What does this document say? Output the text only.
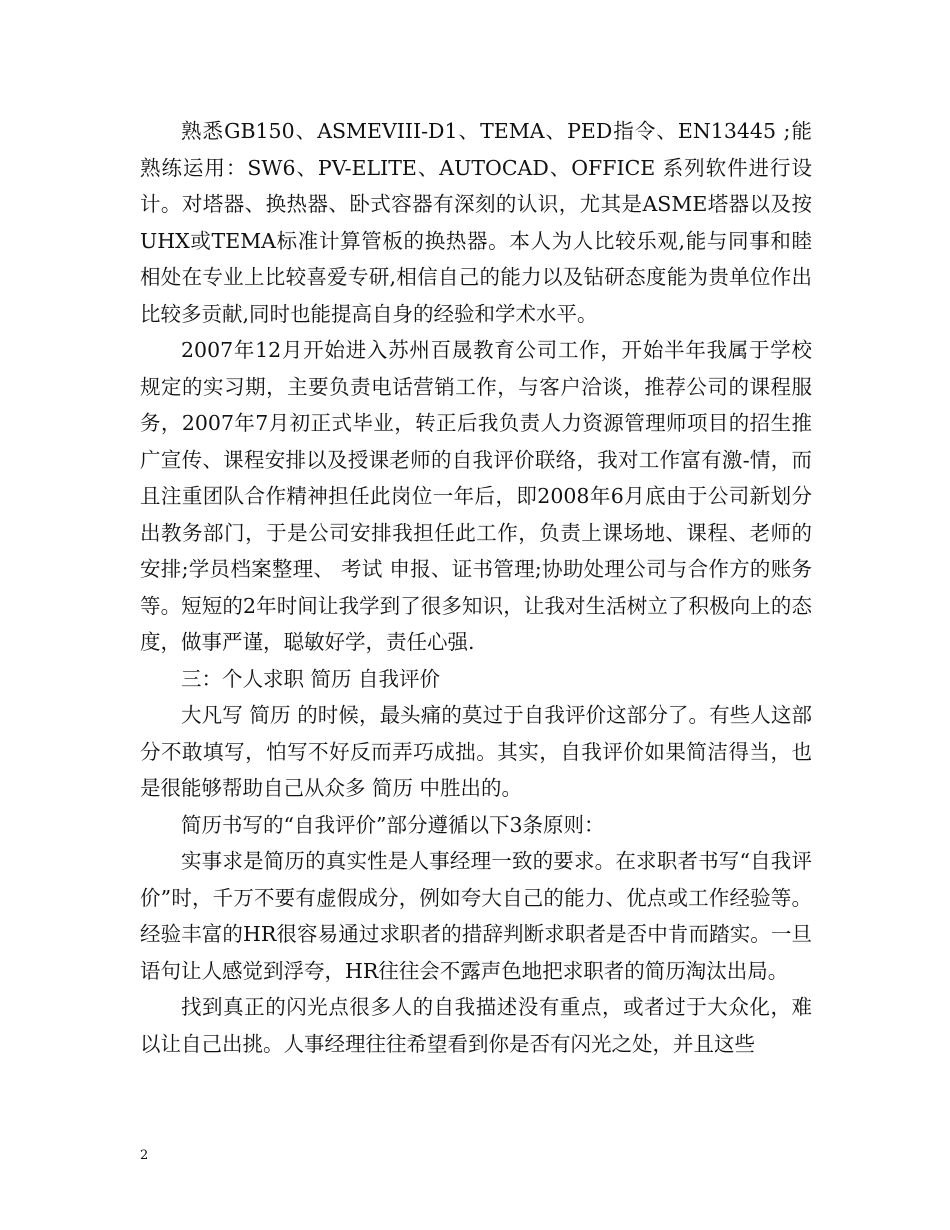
熟悉GB150、ASMEVIII-D1、TEMA、PED指令、EN13445 ;能熟练运用：SW6、PV-ELITE、AUTOCAD、OFFICE 系列软件进行设计。对塔器、换热器、卧式容器有深刻的认识，尤其是ASME塔器以及按UHX或TEMA标准计算管板的换热器。本人为人比较乐观,能与同事和睦相处在专业上比较喜爱专研,相信自己的能力以及钻研态度能为贵单位作出比较多贡献,同时也能提高自身的经验和学术水平。

2007年12月开始进入苏州百晟教育公司工作，开始半年我属于学校规定的实习期，主要负责电话营销工作，与客户洽谈，推荐公司的课程服务，2007年7月初正式毕业，转正后我负责人力资源管理师项目的招生推广宣传、课程安排以及授课老师的自我评价联络，我对工作富有激-情，而且注重团队合作精神担任此岗位一年后，即2008年6月底由于公司新划分出教务部门，于是公司安排我担任此工作，负责上课场地、课程、老师的安排;学员档案整理、 考试 申报、证书管理;协助处理公司与合作方的账务等。短短的2年时间让我学到了很多知识，让我对生活树立了积极向上的态度，做事严谨，聪敏好学，责任心强.

三：个人求职 简历 自我评价

大凡写 简历 的时候，最头痛的莫过于自我评价这部分了。有些人这部分不敢填写，怕写不好反而弄巧成拙。其实，自我评价如果简洁得当，也是很能够帮助自己从众多 简历 中胜出的。

简历书写的“自我评价”部分遵循以下3条原则：

实事求是简历的真实性是人事经理一致的要求。在求职者书写“自我评价”时，千万不要有虚假成分，例如夸大自己的能力、优点或工作经验等。经验丰富的HR很容易通过求职者的措辞判断求职者是否中肯而踏实。一旦语句让人感觉到浮夸，HR往往会不露声色地把求职者的简历淘汰出局。

找到真正的闪光点很多人的自我描述没有重点，或者过于大众化，难以让自己出挑。人事经理往往希望看到你是否有闪光之处，并且这些

2
